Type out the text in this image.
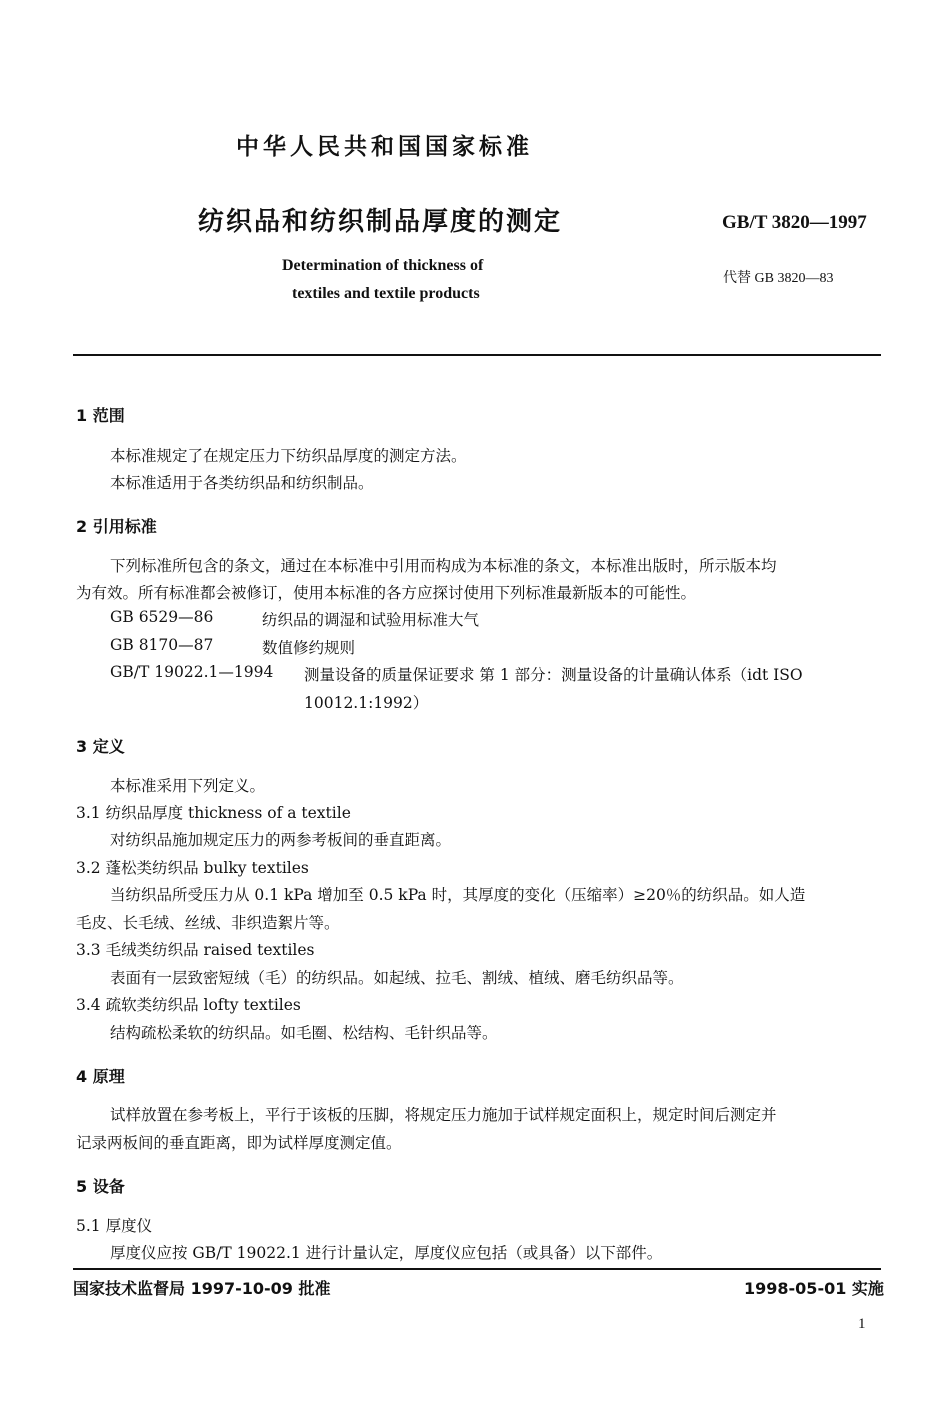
中华人民共和国国家标准
纺织品和纺织制品厚度的测定	GB/T 3820—1997
Determination of thickness of
textiles and textile products
代替 GB 3820—83
1 范围
本标准规定了在规定压力下纺织品厚度的测定方法。
本标准适用于各类纺织品和纺织制品。
2 引用标准
下列标准所包含的条文，通过在本标准中引用而构成为本标准的条文，本标准出版时，所示版本均
为有效。所有标准都会被修订，使用本标准的各方应探讨使用下列标准最新版本的可能性。
GB 6529—86	纺织品的调湿和试验用标准大气
GB 8170—87	数值修约规则
GB/T 19022.1—1994 测量设备的质量保证要求 第 1 部分：测量设备的计量确认体系（idt ISO
10012.1:1992）
3 定义
本标准采用下列定义。
3.1 纺织品厚度 thickness of a textile
对纺织品施加规定压力的两参考板间的垂直距离。
3.2 蓬松类纺织品 bulky textiles
当纺织品所受压力从 0.1 kPa 增加至 0.5 kPa 时，其厚度的变化（压缩率）≥20％的纺织品。如人造
毛皮、长毛绒、丝绒、非织造絮片等。
3.3 毛绒类纺织品 raised textiles
表面有一层致密短绒（毛）的纺织品。如起绒、拉毛、割绒、植绒、磨毛纺织品等。
3.4 疏软类纺织品 lofty textiles
结构疏松柔软的纺织品。如毛圈、松结构、毛针织品等。
4 原理
试样放置在参考板上，平行于该板的压脚，将规定压力施加于试样规定面积上，规定时间后测定并
记录两板间的垂直距离，即为试样厚度测定值。
5 设备
5.1 厚度仪
厚度仪应按 GB/T 19022.1 进行计量认定，厚度仪应包括（或具备）以下部件。
国家技术监督局 1997-10-09 批准	1998-05-01 实施
1
